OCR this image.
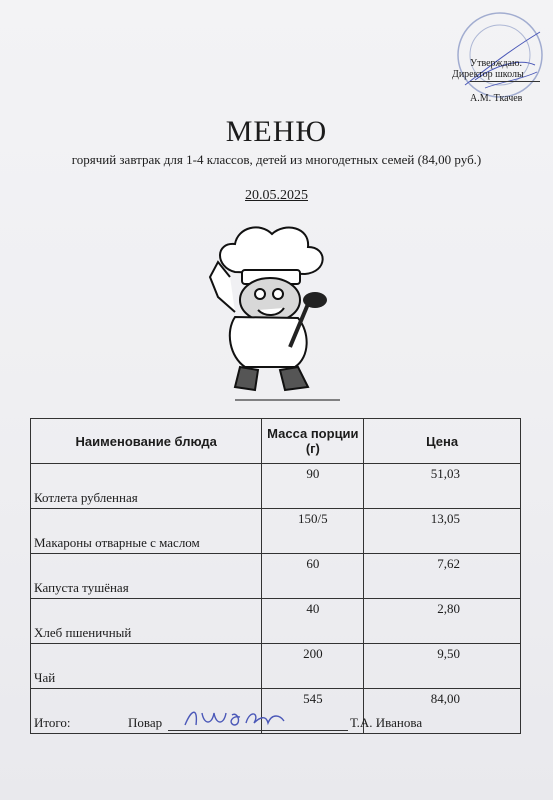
Утверждаю.
Директор школы
А.М. Ткачев
МЕНЮ
горячий завтрак для 1-4 классов, детей из многодетных семей (84,00 руб.)
20.05.2025
Наименование блюда	Масса порции (г)	Цена

Котлета рубленная	90	51,03

Макароны отварные с маслом	150/5	13,05

Капуста тушёная	60	7,62

Хлеб пшеничный	40	2,80

Чай	200	9,50

Итого:	545	84,00
Повар	Т.А. Иванова
